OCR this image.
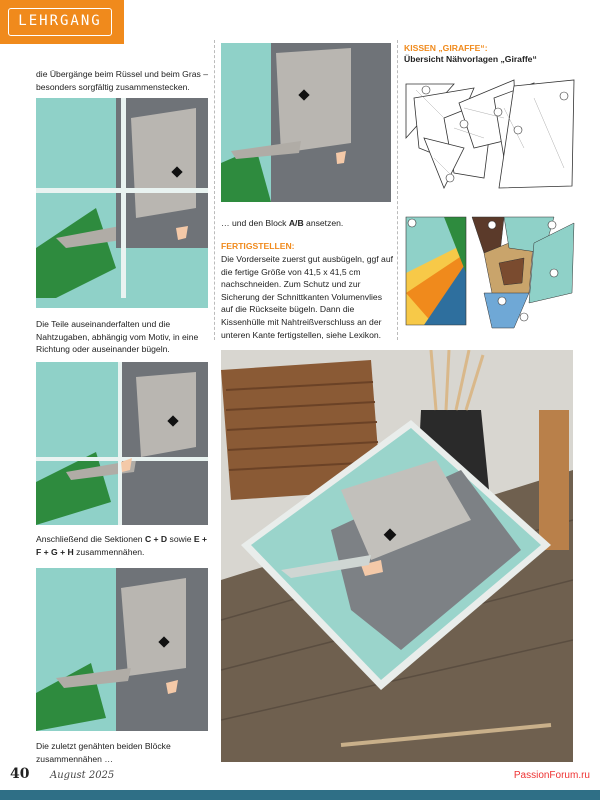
LEHRGANG
die Übergänge beim Rüssel und beim Gras – besonders sorgfältig zusammenstecken.
Die Teile auseinanderfalten und die Nahtzugaben, abhängig vom Motiv, in eine Richtung oder auseinander bügeln.
Anschließend die Sektionen C + D sowie E + F + G + H zusammennähen.
Die zuletzt genähten beiden Blöcke zusammennähen …
… und den Block A/B ansetzen.
FERTIGSTELLEN:
Die Vorderseite zuerst gut ausbügeln, ggf auf die fertige Größe von 41,5 x 41,5 cm nachschneiden. Zum Schutz und zur Sicherung der Schnittkanten Volumenvlies auf die Rückseite bügeln. Dann die Kissenhülle mit Nahtreißverschluss an der unteren Kante fertigstellen, siehe Lexikon.
KISSEN „GIRAFFE“:
Übersicht Nähvorlagen „Giraffe“
40 August 2025	PassionForum.ru
